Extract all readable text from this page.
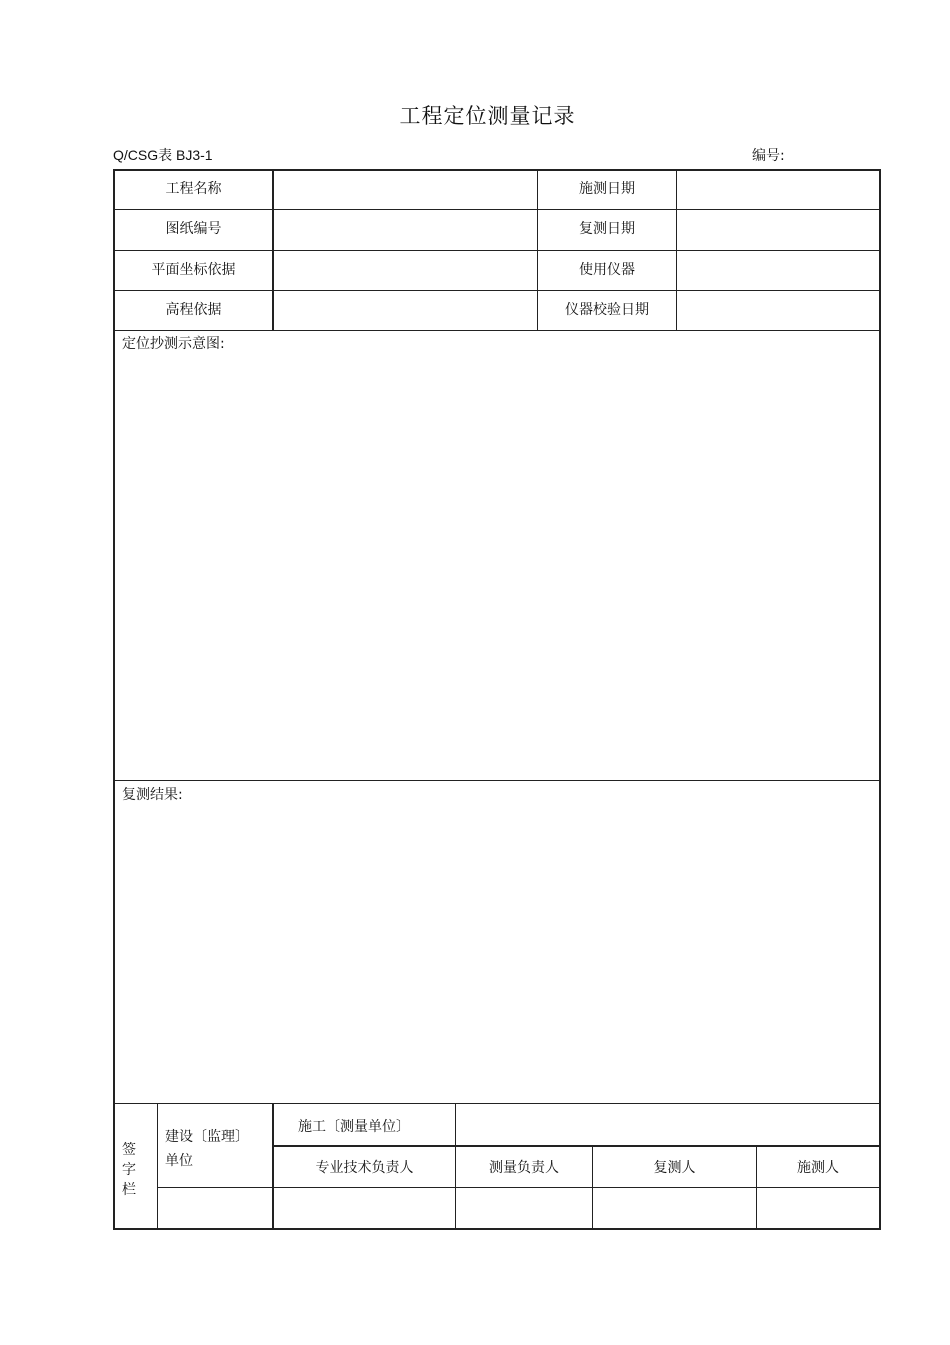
工程定位测量记录
Q/CSG表 BJ3-1	编号:
工程名称	施测日期
图纸编号	复测日期
平面坐标依据	使用仪器
高程依据	仪器校验日期
定位抄测示意图:
复测结果:
签字栏
建设〔监理〕单位
施工〔测量单位〕
专业技术负责人	测量负责人	复测人	施测人
